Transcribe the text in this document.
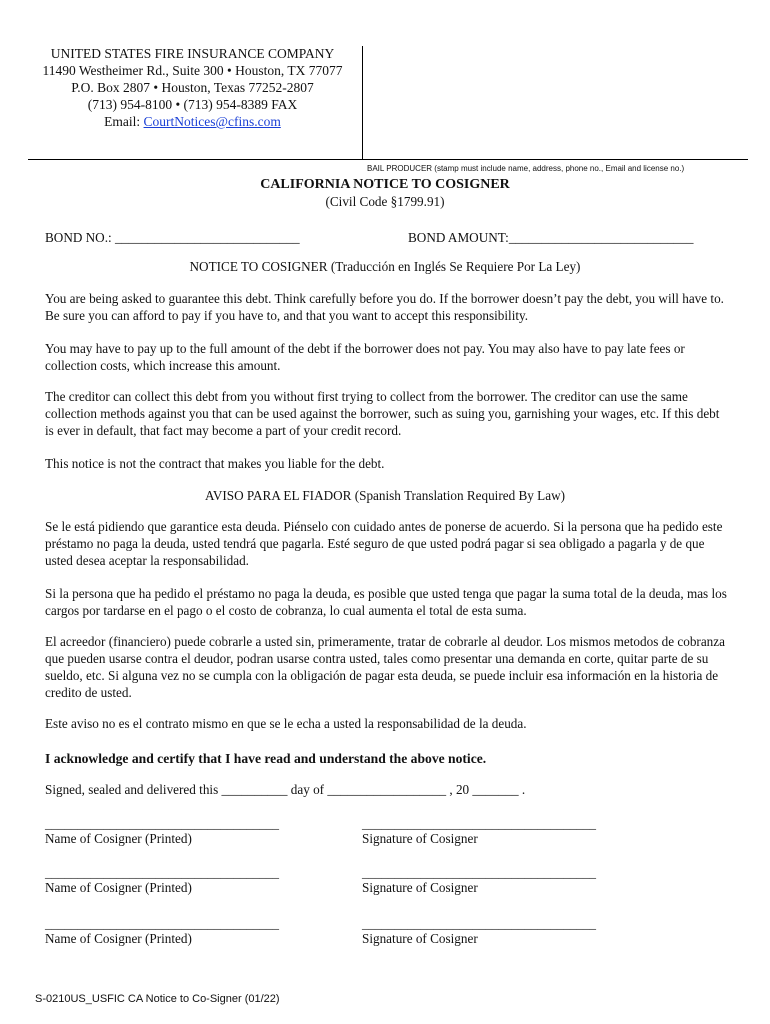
UNITED STATES FIRE INSURANCE COMPANY
11490 Westheimer Rd., Suite 300 • Houston, TX 77077
P.O. Box 2807 • Houston, Texas 77252-2807
(713) 954-8100 • (713) 954-8389 FAX
Email: CourtNotices@cfins.com
BAIL PRODUCER (stamp must include name, address, phone no., Email and license no.)
CALIFORNIA NOTICE TO COSIGNER
(Civil Code §1799.91)
BOND NO.: ____________________________	BOND AMOUNT:____________________________
NOTICE TO COSIGNER (Traducción en Inglés Se Requiere Por La Ley)
You are being asked to guarantee this debt. Think carefully before you do. If the borrower doesn’t pay the debt, you will have to. Be sure you can afford to pay if you have to, and that you want to accept this responsibility.
You may have to pay up to the full amount of the debt if the borrower does not pay. You may also have to pay late fees or collection costs, which increase this amount.
The creditor can collect this debt from you without first trying to collect from the borrower. The creditor can use the same collection methods against you that can be used against the borrower, such as suing you, garnishing your wages, etc. If this debt is ever in default, that fact may become a part of your credit record.
This notice is not the contract that makes you liable for the debt.
AVISO PARA EL FIADOR (Spanish Translation Required By Law)
Se le está pidiendo que garantice esta deuda. Piénselo con cuidado antes de ponerse de acuerdo. Si la persona que ha pedido este préstamo no paga la deuda, usted tendrá que pagarla. Esté seguro de que usted podrá pagar si sea obligado a pagarla y de que usted desea aceptar la responsabilidad.
Si la persona que ha pedido el préstamo no paga la deuda, es posible que usted tenga que pagar la suma total de la deuda, mas los cargos por tardarse en el pago o el costo de cobranza, lo cual aumenta el total de esta suma.
El acreedor (financiero) puede cobrarle a usted sin, primeramente, tratar de cobrarle al deudor. Los mismos metodos de cobranza que pueden usarse contra el deudor, podran usarse contra usted, tales como presentar una demanda en corte, quitar parte de su sueldo, etc. Si alguna vez no se cumpla con la obligación de pagar esta deuda, se puede incluir esa información en la historia de credito de usted.
Este aviso no es el contrato mismo en que se le echa a usted la responsabilidad de la deuda.
I acknowledge and certify that I have read and understand the above notice.
Signed, sealed and delivered this __________ day of __________________ , 20 _______ .
____________________________________
Name of Cosigner (Printed)
____________________________________
Signature of Cosigner
____________________________________
Name of Cosigner (Printed)
____________________________________
Signature of Cosigner
____________________________________
Name of Cosigner (Printed)
____________________________________
Signature of Cosigner
S-0210US_USFIC CA Notice to Co-Signer (01/22)
